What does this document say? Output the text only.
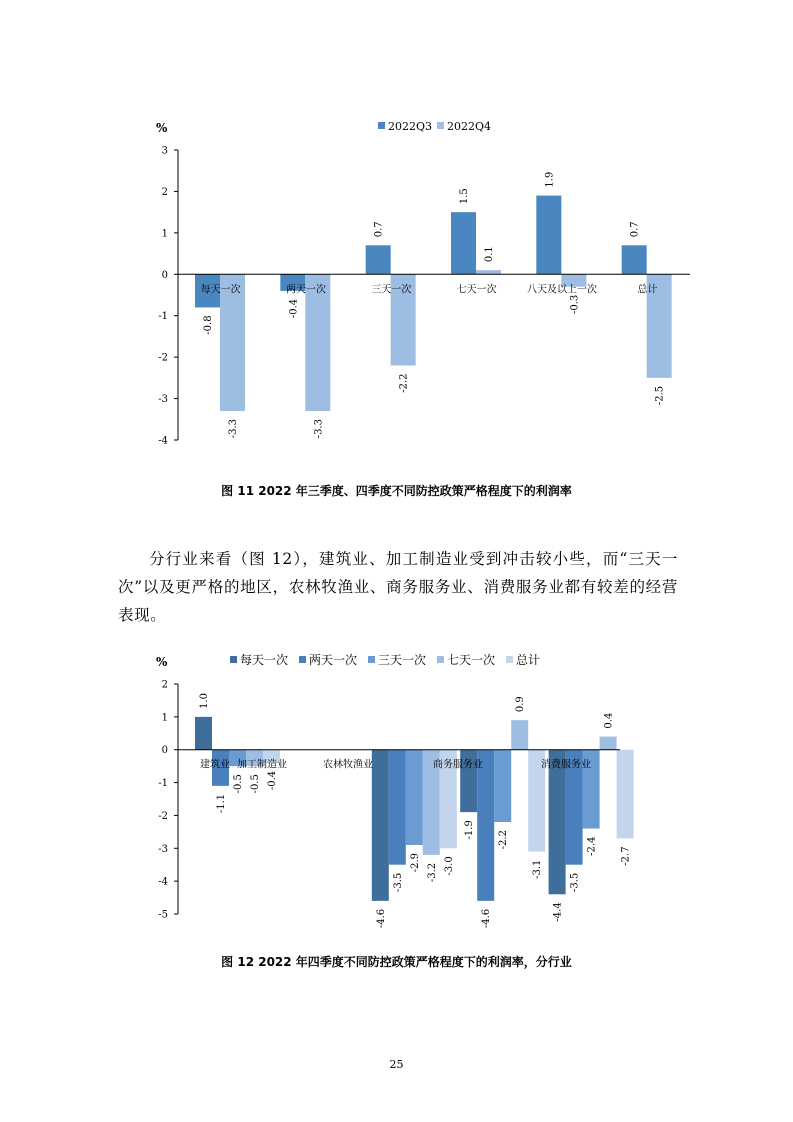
%
3
2
1
0
-1
-2
-3
-4
-0.8
-0.4
0.7
1.5
1.9
0.7
-3.3	-3.3
-2.2
0.1
-0.3
-2.5
每天一次	两天一次	三天一次	七天一次	八天及以上一次	总计
2022Q3 2022Q4
图 11 2022 年三季度、四季度不同防控政策严格程度下的利润率

分行业来看（图 12），建筑业、加工制造业受到冲击较小些，而“三天一次”以及更严格的地区，农林牧渔业、商务服务业、消费服务业都有较差的经营表现。

%
2
1
0
-1
-2
-3
-4
-5
1.0
-4.6
-1.9
-4.4
-1.1
-3.5
-4.6
-3.5
-0.5
-2.9
-2.2	-2.4
-0.5
-3.2
0.9
0.4
-0.4
-3.0	-3.1
-2.7
建筑业 加工制造业	农林牧渔业	商务服务业	消费服务业
每天一次 两天一次 三天一次 七天一次 总计
图 12 2022 年四季度不同防控政策严格程度下的利润率，分行业
25
